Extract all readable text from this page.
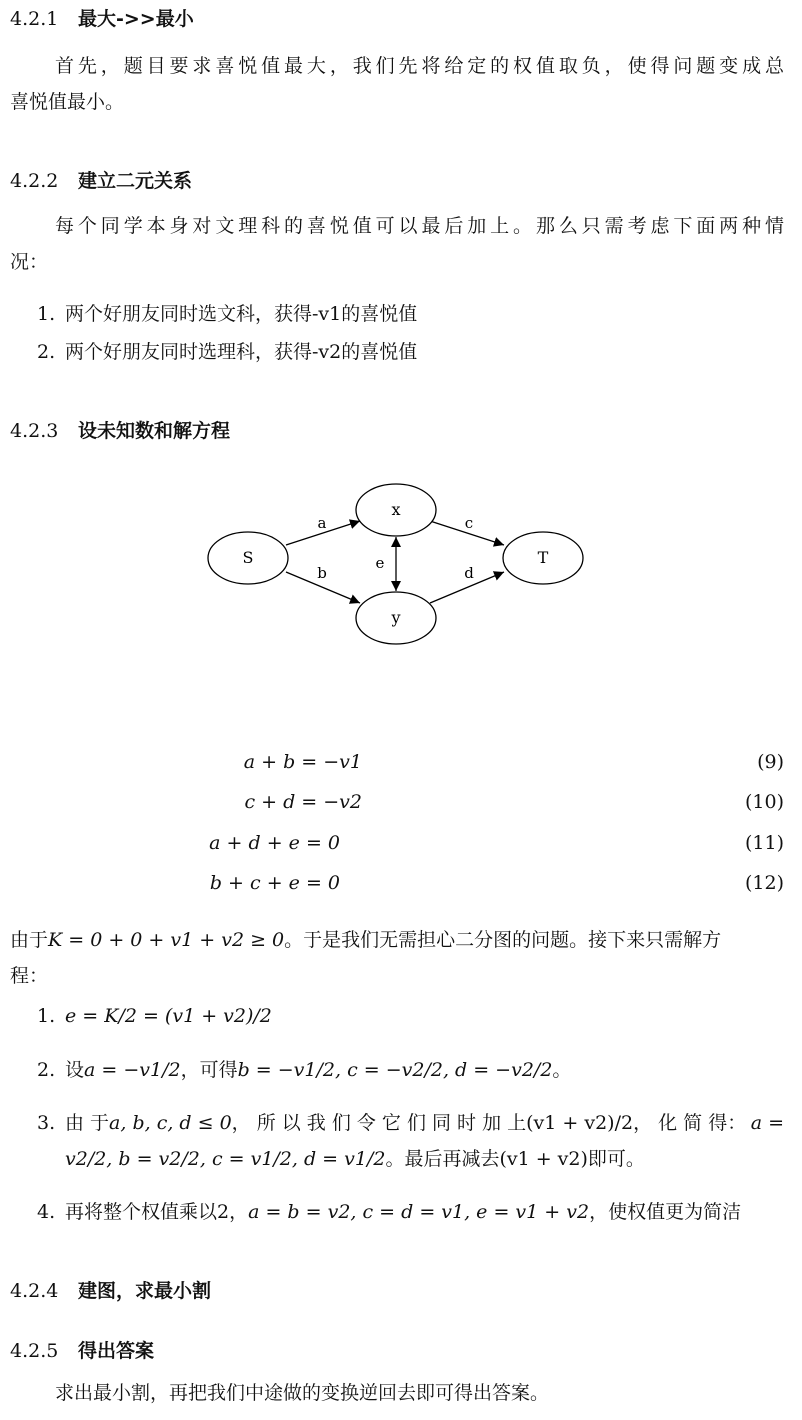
4.2.1 最大->>最小
首先，题目要求喜悦值最大，我们先将给定的权值取负，使得问题变成总
喜悦值最小。
4.2.2 建立二元关系
每个同学本身对文理科的喜悦值可以最后加上。那么只需考虑下面两种情
况：
1. 两个好朋友同时选文科，获得-v1的喜悦值
2. 两个好朋友同时选理科，获得-v2的喜悦值
4.2.3 设未知数和解方程
a
b
c
d
e
S
x
y
T
a + b = −v1	(9)
c + d = −v2	(10)
a + d + e = 0	(11)
b + c + e = 0	(12)
由于K = 0 + 0 + v1 + v2 ≥ 0。于是我们无需担心二分图的问题。接下来只需解方
程：
1. e = K/2 = (v1 + v2)/2
2. 设a = −v1/2，可得b = −v1/2, c = −v2/2, d = −v2/2。
3. 由 于a, b, c, d ≤ 0， 所 以 我 们 令 它 们 同 时 加 上(v1 + v2)/2， 化 简 得： a =
v2/2, b = v2/2, c = v1/2, d = v1/2。最后再减去(v1 + v2)即可。
4. 再将整个权值乘以2，a = b = v2, c = d = v1, e = v1 + v2，使权值更为简洁
4.2.4 建图，求最小割
4.2.5 得出答案
求出最小割，再把我们中途做的变换逆回去即可得出答案。
